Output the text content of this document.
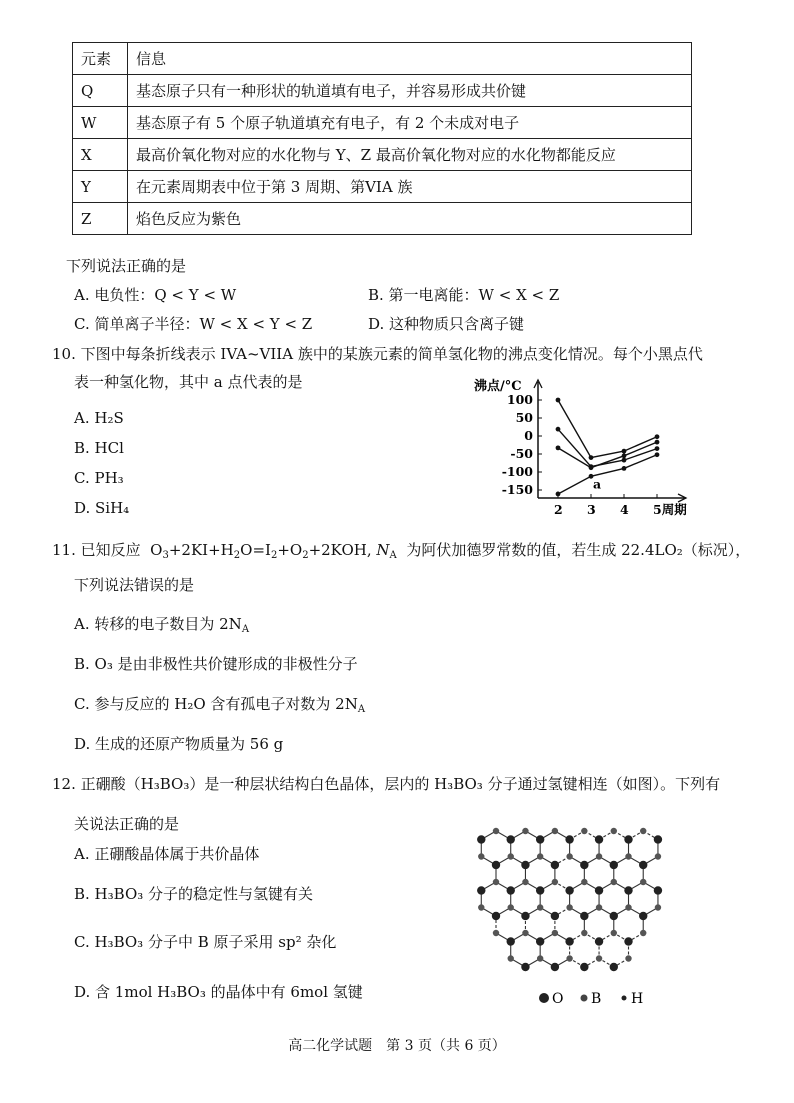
元素	信息
Q	基态原子只有一种形状的轨道填有电子，并容易形成共价键
W	基态原子有 5 个原子轨道填充有电子，有 2 个未成对电子
X	最高价氧化物对应的水化物与 Y、Z 最高价氧化物对应的水化物都能反应
Y	在元素周期表中位于第 3 周期、第VIA 族
Z	焰色反应为紫色
下列说法正确的是
A. 电负性：Q < Y < W	B. 第一电离能：W < X < Z
C. 简单离子半径：W < X < Y < Z	D. 这种物质只含离子键
10. 下图中每条折线表示 IVA~VIIA 族中的某族元素的简单氢化物的沸点变化情况。每个小黑点代
表一种氢化物，其中 a 点代表的是
A. H₂S
B. HCl
C. PH₃
D. SiH₄
沸点/°C
100
50
0
-50
-100
-150
2 3 4 5周期
a
11. 已知反应  $O_3+2KI+H_2O=I_2+O_2+2KOH$, $N_A$ 为阿伏加德罗常数的值，若生成 22.4LO₂（标况），
下列说法错误的是
A. 转移的电子数目为 $2N_A$
B. O₃ 是由非极性共价键形成的非极性分子
C. 参与反应的 H₂O 含有孤电子对数为 $2N_A$
D. 生成的还原产物质量为 56 g
12. 正硼酸（H₃BO₃）是一种层状结构白色晶体，层内的 H₃BO₃ 分子通过氢键相连（如图）。下列有
关说法正确的是
A. 正硼酸晶体属于共价晶体
B. H₃BO₃ 分子的稳定性与氢键有关
C. H₃BO₃ 分子中 B 原子采用 sp² 杂化
D. 含 1mol H₃BO₃ 的晶体中有 6mol 氢键	O B H
高二化学试题　第 3 页（共 6 页）
